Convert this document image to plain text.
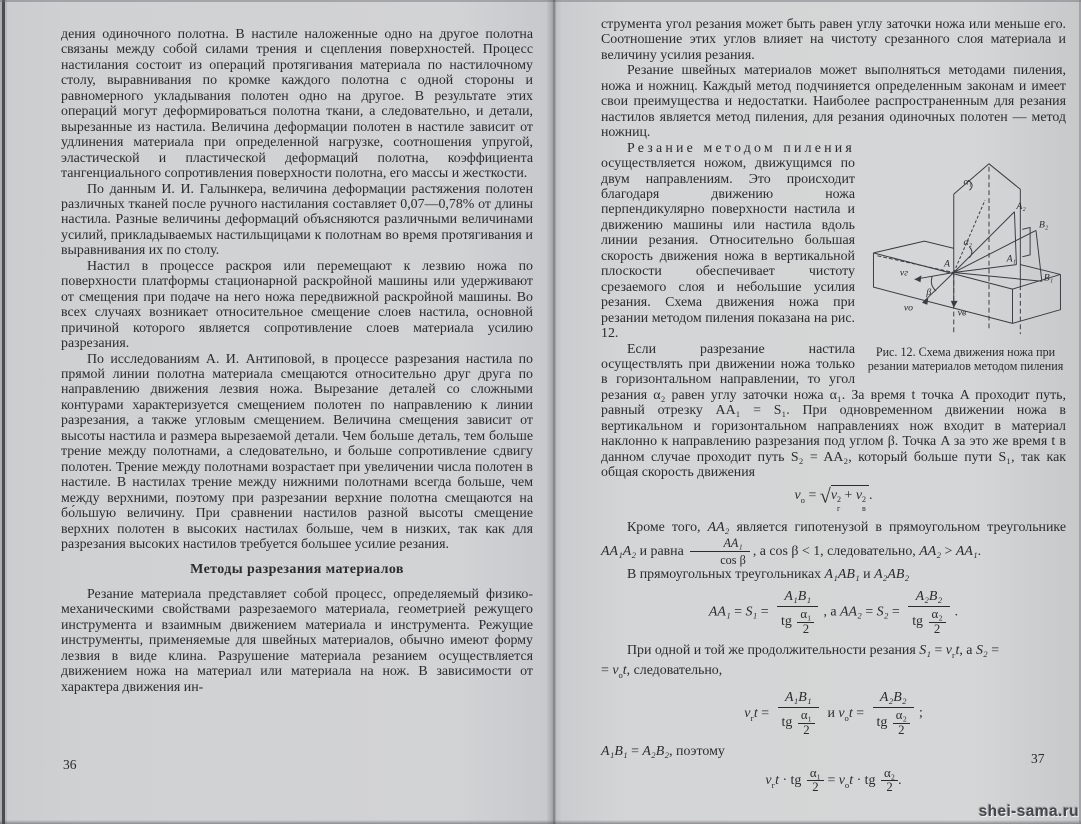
дения одиночного полотна. В настиле наложенные одно на другое полотна связаны между собой силами трения и сцепления поверхностей. Процесс настилания состоит из операций протягивания материала по настилочному столу, выравнивания по кромке каждого полотна с одной стороны и равномерного укладывания полотен одно на другое. В результате этих операций могут деформироваться полотна ткани, а следовательно, и детали, вырезанные из настила. Величина деформации полотен в настиле зависит от удлинения материала при определенной нагрузке, соотношения упругой, эластической и пластической деформаций полотна, коэффициента тангенциального сопротивления поверхности полотна, его массы и жесткости.

По данным И. И. Галынкера, величина деформации растяжения полотен различных тканей после ручного настилания составляет 0,07—0,78% от длины настила. Разные величины деформаций объясняются различными величинами усилий, прикладываемых настильщицами к полотнам во время протягивания и выравнивания их по столу.

Настил в процессе раскроя или перемещают к лезвию ножа по поверхности платформы стационарной раскройной машины или удерживают от смещения при подаче на него ножа передвижной раскройной машины. Во всех случаях возникает относительное смещение слоев настила, основной причиной которого является сопротивление слоев материала усилию разрезания.

По исследованиям А. И. Антиповой, в процессе разрезания настила по прямой линии полотна материала смещаются относительно друг друга по направлению движения лезвия ножа. Вырезание деталей со сложными контурами характеризуется смещением полотен по направлению к линии разрезания, а также угловым смещением. Величина смещения зависит от высоты настила и размера вырезаемой детали. Чем больше деталь, тем больше трение между полотнами, а следовательно, и больше сопротивление сдвигу полотен. Трение между полотнами возрастает при увеличении числа полотен в настиле. В настилах трение между нижними полотнами всегда больше, чем между верхними, поэтому при разрезании верхние полотна смещаются на бо́льшую величину. При сравнении настилов разной высоты смещение верхних полотен в высоких настилах больше, чем в низких, так как для разрезания высоких настилов требуется большее усилие резания.

Методы разрезания материалов

Резание материала представляет собой процесс, определяемый физико-механическими свойствами разрезаемого материала, геометрией режущего инструмента и взаимным движением материала и инструмента. Режущие инструменты, применяемые для швейных материалов, обычно имеют форму лезвия в виде клина. Разрушение материала резанием осуществляется движением ножа на материал или материала на нож. В зависимости от характера движения ин-

36

струмента угол резания может быть равен углу заточки ножа или меньше его. Соотношение этих углов влияет на чистоту срезанного слоя материала и величину усилия резания.

Резание швейных материалов может выполняться методами пиления, ножа и ножниц. Каждый метод подчиняется определенным законам и имеет свои преимущества и недостатки. Наиболее распространенным для резания настилов является метод пиления, для резания одиночных полотен — метод ножниц.

α₁
α₂
A₂
B₂
A₁
B₁
A
vг
β
vв
vо
Рис. 12. Схема движения ножа при резании материалов методом пиления

Резание методом пиления осуществляется ножом, движущимся по двум направлениям. Это происходит благодаря движению ножа перпендикулярно поверхности настила и движению машины или настила вдоль линии резания. Относительно большая скорость движения ножа в вертикальной плоскости обеспечивает чистоту срезаемого слоя и небольшие усилия резания. Схема движения ножа при резании методом пиления показана на рис. 12.

Если разрезание настила осуществлять при движении ножа только в горизонтальном направлении, то угол резания α₂ равен углу заточки ножа α₁. За время t точка A проходит путь, равный отрезку AA₁ = S₁. При одновременном движении ножа в вертикальном и горизонтальном направлениях нож входит в материал наклонно к направлению разрезания под углом β. Точка A за это же время t в данном случае проходит путь S₂ = AA₂, который больше пути S₁, так как общая скорость движения

$v_о = √v$ 2
г
+ v 2
в
.

Кроме того, AA₂ является гипотенузой в прямоугольном треугольнике AA₁A₂ и равна $\frac{\text{AA₁}}{\text{cos β}}$ , а cos β < 1, следовательно, AA₂ > AA₁.

В прямоугольных треугольниках A₁AB₁ и A₂AB₂

$AA_1 = S_1 = \frac{\text{A₁B₁}}{tg \frac{\text{α₁}}{2}}$ , а $AA_2 = S_2 = \frac{\text{A₂B₂}}{tg \frac{\text{α₂}}{2}}$ .

При одной и той же продолжительности резания $S_1 = v_гt$, а S₂ =
= $v_оt$, следовательно,

$v_гt = \frac{\text{A₁B₁}}{tg \frac{\text{α₁}}{2}}$ и $v_оt = \frac{\text{A₂B₂}}{tg \frac{\text{α₂}}{2}}$ ;

A₁B₁ = A₂B₂, поэтому

$v_гt$ · tg $\frac{\text{α₁}}{2} = v_оt$ · tg $\frac{\text{α₂}}{2}$ .
37
shei-sama.ru
